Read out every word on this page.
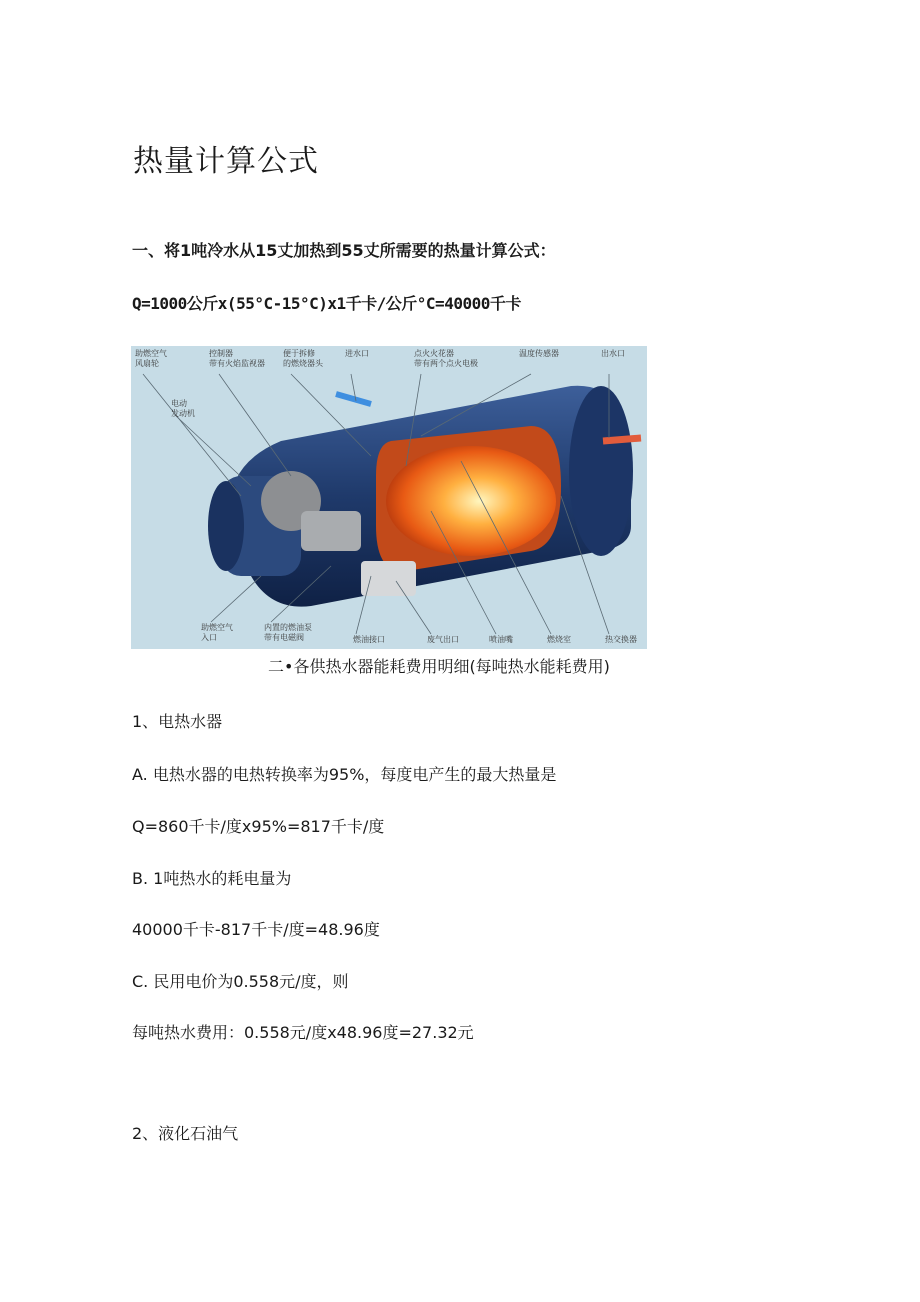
热量计算公式
一、将1吨冷水从15丈加热到55丈所需要的热量计算公式：
Q=1000公斤x(55°C-15°C)x1千卡/公斤°C=40000千卡
助燃空气
风扇轮
控制器
带有火焰监视器
便于拆修
的燃烧器头
进水口	点火火花器
带有两个点火电极
温度传感器	出水口
电动
发动机
助燃空气
入口
内置的燃油泵
带有电磁阀	燃油接口	废气出口	喷油嘴	燃烧室	热交换器
二•各供热水器能耗费用明细(每吨热水能耗费用)
1、电热水器
A. 电热水器的电热转换率为95%，每度电产生的最大热量是
Q=860千卡/度x95%=817千卡/度
B. 1吨热水的耗电量为
40000千卡-817千卡/度=48.96度
C. 民用电价为0.558元/度，则
每吨热水费用：0.558元/度x48.96度=27.32元
2、液化石油气
